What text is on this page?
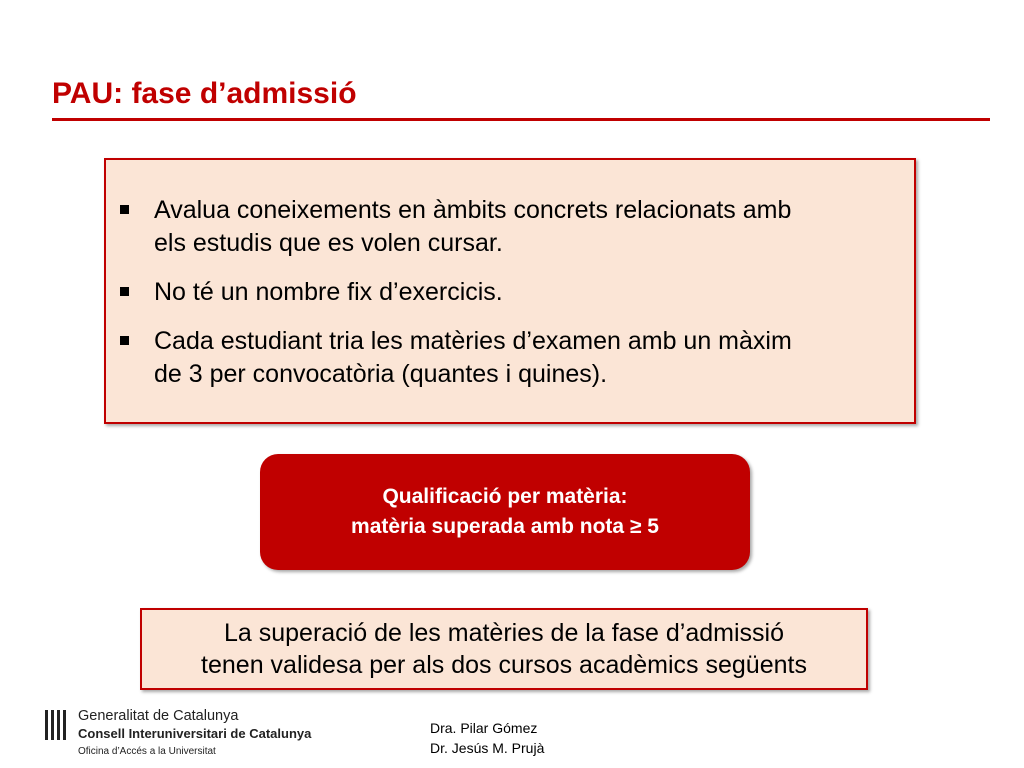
PAU: fase d’admissió
Avalua coneixements en àmbits concrets relacionats amb
els estudis que es volen cursar.
No té un nombre fix d’exercicis.
Cada estudiant tria les matèries d’examen amb un màxim
de 3 per convocatòria (quantes i quines).
Qualificació per matèria:
matèria superada amb nota ≥ 5
La superació de les matèries de la fase d’admissió
tenen validesa per als dos cursos acadèmics següents
Generalitat de Catalunya
Consell Interuniversitari de Catalunya
Oficina d’Accés a la Universitat
Dra. Pilar Gómez
Dr. Jesús M. Prujà
